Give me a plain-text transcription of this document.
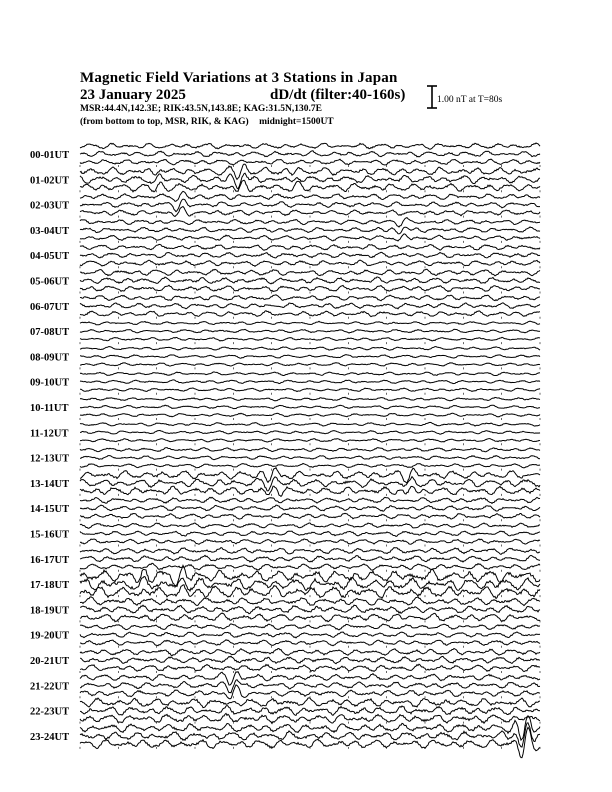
Magnetic Field Variations at 3 Stations in Japan
23 January 2025	dD/dt (filter:40-160s)
MSR:44.4N,142.3E; RIK:43.5N,143.8E; KAG:31.5N,130.7E
(from bottom to top, MSR, RIK, & KAG) midnight=1500UT
1.00 nT at T=80s
00-01UT
01-02UT
02-03UT
03-04UT
04-05UT
05-06UT
06-07UT
07-08UT
08-09UT
09-10UT
10-11UT
11-12UT
12-13UT
13-14UT
14-15UT
15-16UT
16-17UT
17-18UT
18-19UT
19-20UT
20-21UT
21-22UT
22-23UT
23-24UT
